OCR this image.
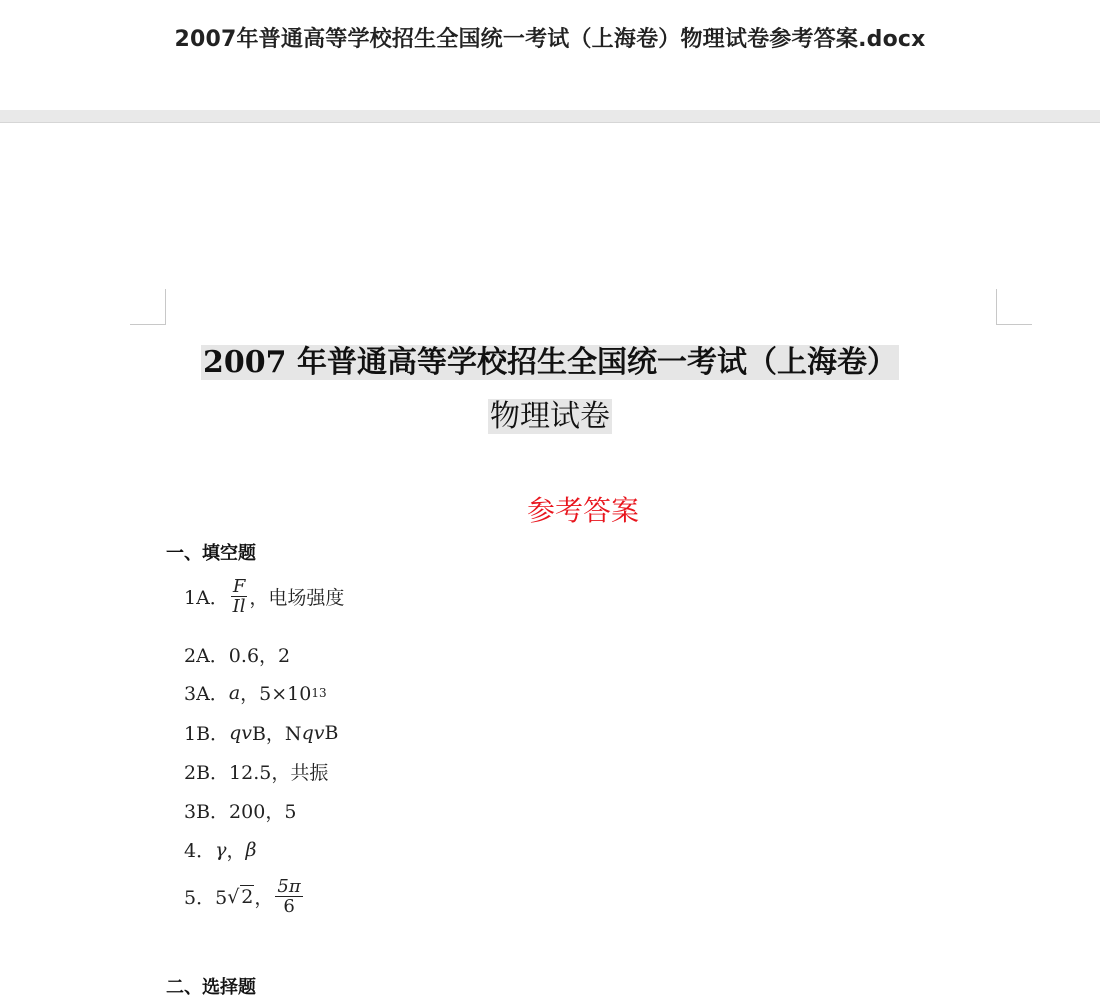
2007年普通高等学校招生全国统一考试（上海卷）物理试卷参考答案.docx
2007 年普通高等学校招生全国统一考试（上海卷）
物理试卷
参考答案
一、填空题
1A． $\frac{F}{Il}$ ，电场强度
2A．0.6，2
3A． a ，5×10 13
1B． qv B，N qv B
2B．12.5，共振
3B．200，5
4． γ ， β
5．5 √ 2 ， $\frac{5\pi}{6}$
二、选择题
